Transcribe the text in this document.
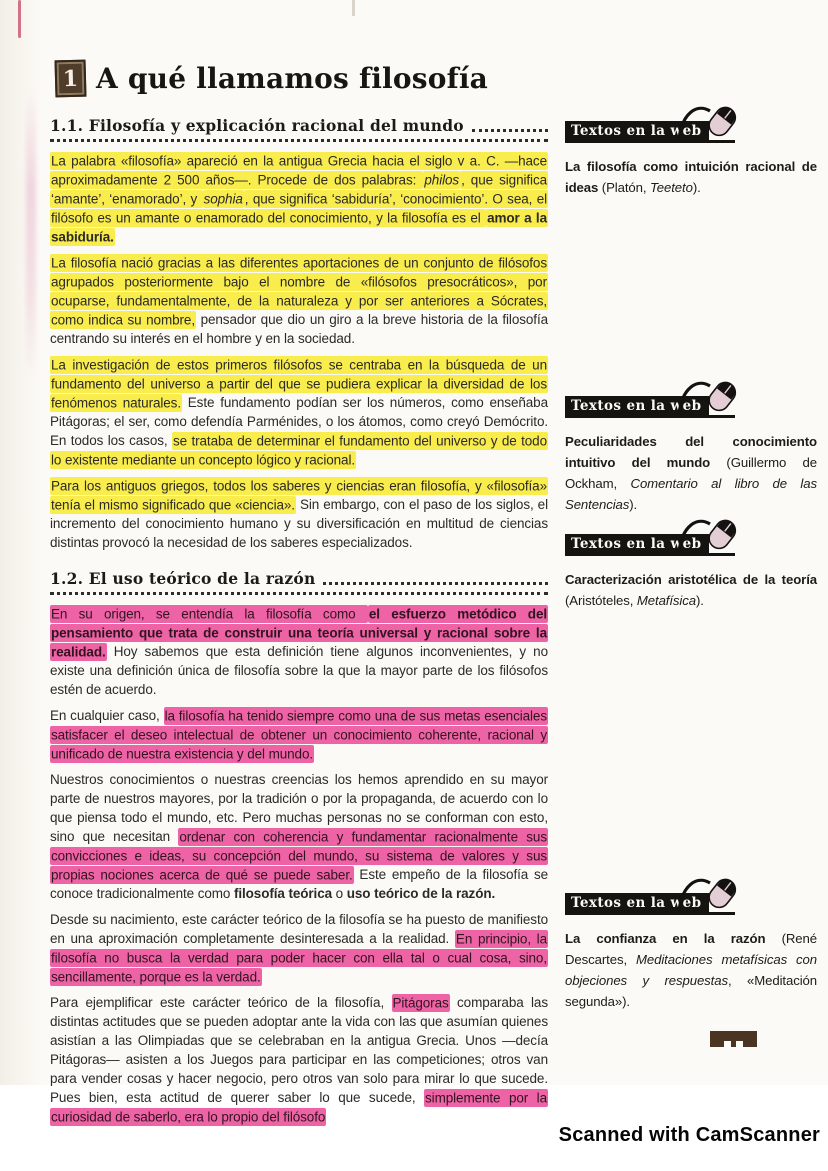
1 A qué llamamos filosofía
1.1. Filosofía y explicación racional del mundo

La palabra «filosofía» apareció en la antigua Grecia hacia el siglo v a. C. —hace aproximadamente 2 500 años—. Procede de dos palabras: philos , que significa ‘amante’, ‘enamorado’, y sophia , que significa ‘sabiduría’, ‘conocimiento’. O sea, el filósofo es un amante o enamorado del conocimiento, y la filosofía es el amor a la sabiduría.

La filosofía nació gracias a las diferentes aportaciones de un conjunto de filósofos agrupados posteriormente bajo el nombre de «filósofos presocráticos», por ocuparse, fundamentalmente, de la naturaleza y por ser anteriores a Sócrates, como indica su nombre, pensador que dio un giro a la breve historia de la filosofía centrando su interés en el hombre y en la sociedad.

La investigación de estos primeros filósofos se centraba en la búsqueda de un fundamento del universo a partir del que se pudiera explicar la diversidad de los fenómenos naturales. Este fundamento podían ser los números, como enseñaba Pitágoras; el ser, como defendía Parménides, o los átomos, como creyó Demócrito. En todos los casos, se trataba de determinar el fundamento del universo y de todo lo existente mediante un concepto lógico y racional.

Para los antiguos griegos, todos los saberes y ciencias eran filosofía, y «filosofía» tenía el mismo significado que «ciencia». Sin embargo, con el paso de los siglos, el incremento del conocimiento humano y su diversificación en multitud de ciencias distintas provocó la necesidad de los saberes especializados.

1.2. El uso teórico de la razón

En su origen, se entendía la filosofía como el esfuerzo metódico del pensamiento que trata de construir una teoría universal y racional sobre la realidad. Hoy sabemos que esta definición tiene algunos inconvenientes, y no existe una definición única de filosofía sobre la que la mayor parte de los filósofos estén de acuerdo.

En cualquier caso, la filosofía ha tenido siempre como una de sus metas esenciales satisfacer el deseo intelectual de obtener un conocimiento coherente, racional y unificado de nuestra existencia y del mundo.

Nuestros conocimientos o nuestras creencias los hemos aprendido en su mayor parte de nuestros mayores, por la tradición o por la propaganda, de acuerdo con lo que piensa todo el mundo, etc. Pero muchas personas no se conforman con esto, sino que necesitan ordenar con coherencia y fundamentar racionalmente sus convicciones e ideas, su concepción del mundo, su sistema de valores y sus propias nociones acerca de qué se puede saber. Este empeño de la filosofía se conoce tradicionalmente como filosofía teórica o uso teórico de la razón.

Desde su nacimiento, este carácter teórico de la filosofía se ha puesto de manifiesto en una aproximación completamente desinteresada a la realidad. En principio, la filosofía no busca la verdad para poder hacer con ella tal o cual cosa, sino, sencillamente, porque es la verdad.

Para ejemplificar este carácter teórico de la filosofía, Pitágoras comparaba las distintas actitudes que se pueden adoptar ante la vida con las que asumían quienes asistían a las Olimpiadas que se celebraban en la antigua Grecia. Unos —decía Pitágoras— asisten a los Juegos para participar en las competiciones; otros van para vender cosas y hacer negocio, pero otros van solo para mirar lo que sucede. Pues bien, esta actitud de querer saber lo que sucede, simplemente por la curiosidad de saberlo, era lo propio del filósofo

Textos en la web
La filosofía como intuición racional de ideas (Platón, Teeteto).
Textos en la web
Peculiaridades del conocimiento intuitivo del mundo (Guillermo de Ockham, Comentario al libro de las Sentencias).
Textos en la web
Caracterización aristotélica de la teoría (Aristóteles, Metafísica).
Textos en la web
La confianza en la razón (René Descartes, Meditaciones metafísicas con objeciones y respuestas, «Meditación segunda»).
Scanned with CamScanner
